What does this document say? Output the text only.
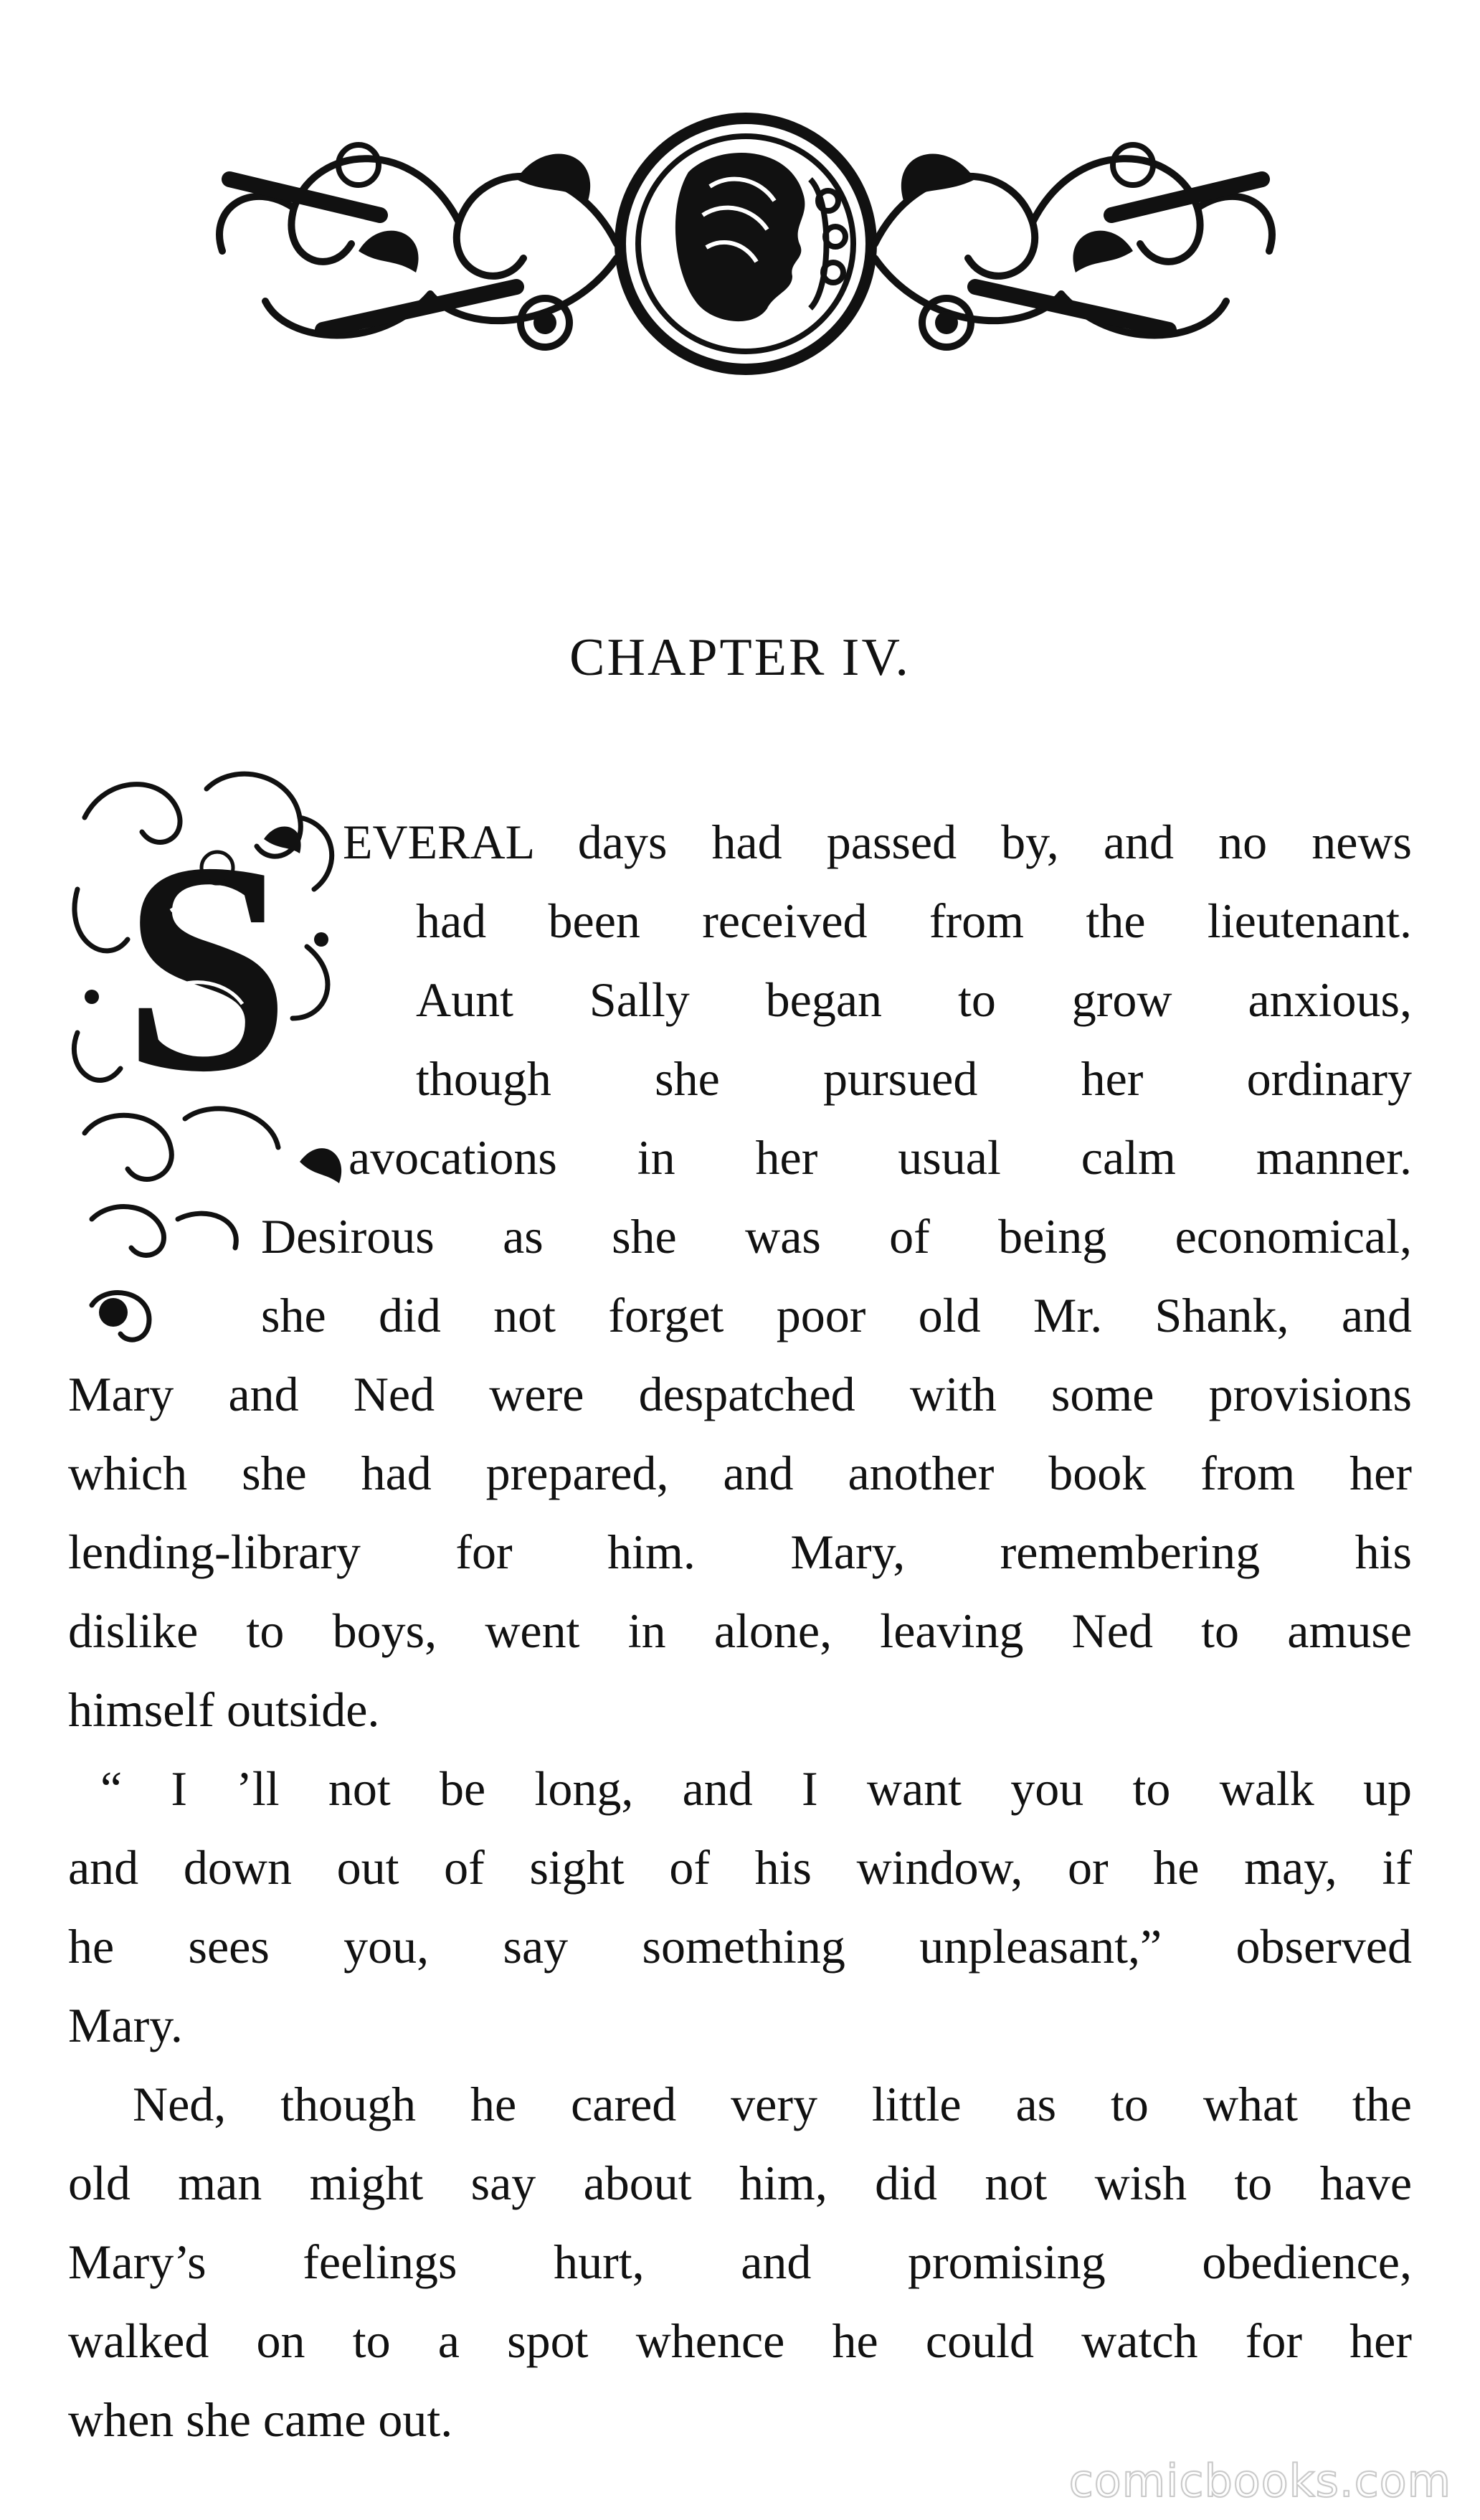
CHAPTER IV.
S EVERAL days had passed by, and no news
had been received from the lieutenant.
Aunt Sally began to grow anxious,
though she pursued her ordinary
avocations in her usual calm manner.
Desirous as she was of being economical,
she did not forget poor old Mr. Shank, and
Mary and Ned were despatched with some provisions
which she had prepared, and another book from her
lending-library for him. Mary, remembering his
dislike to boys, went in alone, leaving Ned to amuse
himself outside.
“ I ’ll not be long, and I want you to walk up
and down out of sight of his window, or he may, if
he sees you, say something unpleasant,” observed
Mary.
Ned, though he cared very little as to what the
old man might say about him, did not wish to have
Mary’s feelings hurt, and promising obedience,
walked on to a spot whence he could watch for her
when she came out.
comicbooks.com
